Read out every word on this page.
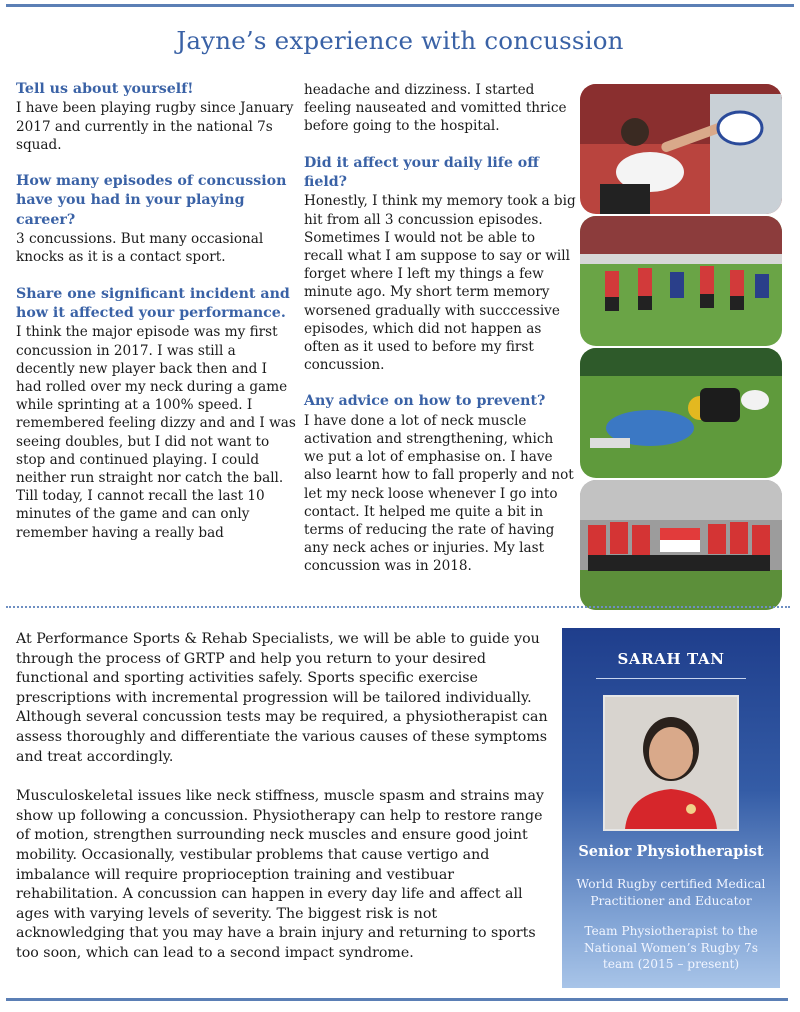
Jayne’s experience with concussion

Tell us about yourself!

I have been playing rugby since January 2017 and currently in the national 7s squad.

How many episodes of concussion have you had in your playing career?

3 concussions. But many occasional knocks as it is a contact sport.

Share one significant incident and how it affected your performance.

I think the major episode was my first concussion in 2017. I was still a decently new player back then and I had rolled over my neck during a game while sprinting at a 100% speed. I remembered feeling dizzy and and I was seeing doubles, but I did not want to stop and continued playing. I could neither run straight nor catch the ball. Till today, I cannot recall the last 10 minutes of the game and can only remember having a really bad

headache and dizziness. I started feeling nauseated and vomitted thrice before going to the hospital.

Did it affect your daily life off field?

Honestly, I think my memory took a big hit from all 3 concussion episodes. Sometimes I would not be able to recall what I am suppose to say or will forget where I left my things a few minute ago. My short term memory worsened gradually with succcessive episodes, which did not happen as often as it used to before my first concussion.

Any advice on how to prevent?

I have done a lot of neck muscle activation and strengthening, which we put a lot of emphasise on. I have also learnt how to fall properly and not let my neck loose whenever I go into contact. It helped me quite a bit in terms of reducing the rate of having any neck aches or injuries. My last concussion was in 2018.

At Performance Sports & Rehab Specialists, we will be able to guide you through the process of GRTP and help you return to your desired functional and sporting activities safely. Sports specific exercise prescriptions with incremental progression will be tailored individually. Although several concussion tests may be required, a physiotherapist can assess thoroughly and differentiate the various causes of these symptoms and treat accordingly.

Musculoskeletal issues like neck stiffness, muscle spasm and strains may show up following a concussion. Physiotherapy can help to restore range of motion, strengthen surrounding neck muscles and ensure good joint mobility. Occasionally, vestibular problems that cause vertigo and imbalance will require proprioception training and vestibuar rehabilitation. A concussion can happen in every day life and affect all ages with varying levels of severity. The biggest risk is not acknowledging that you may have a brain injury and returning to sports too soon, which can lead to a second impact syndrome.

SARAH TAN
Senior Physiotherapist
World Rugby certified Medical Practitioner and Educator
Team Physiotherapist to the National Women’s Rugby 7s team (2015 – present)
